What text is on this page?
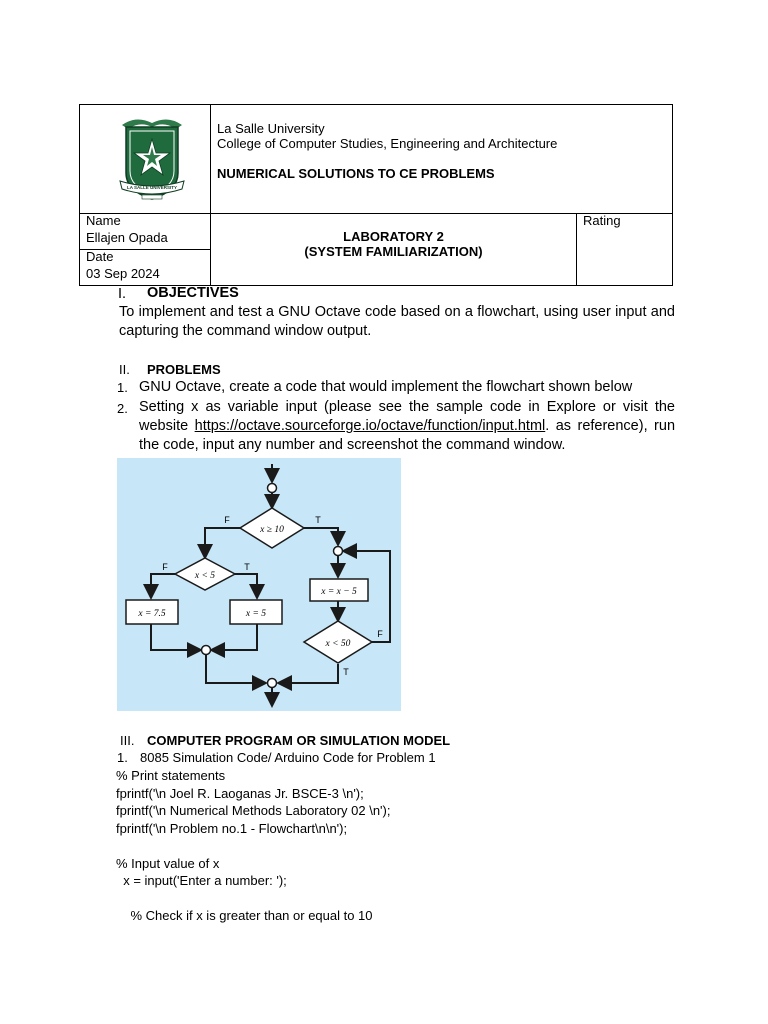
LA SALLE UNIVERSITY
La Salle University
College of Computer Studies, Engineering and Architecture
NUMERICAL SOLUTIONS TO CE PROBLEMS
Name
Ellajen Opada
Date
03 Sep 2024
LABORATORY 2
(SYSTEM FAMILIARIZATION)
Rating
I. OBJECTIVES
To implement and test a GNU Octave code based on a flowchart, using user input and capturing the command window output.
II. PROBLEMS
1. GNU Octave, create a code that would implement the flowchart shown below
2. Setting x as variable input (please see the sample code in Explore or visit the website https://octave.sourceforge.io/octave/function/input.html. as reference), run the code, input any number and screenshot the command window.
x ≥ 10
x < 5
x < 50
x = 7.5	x = 5
x = x − 5
F	T
F	T
F
T
III. COMPUTER PROGRAM OR SIMULATION MODEL
1. 8085 Simulation Code/ Arduino Code for Problem 1
% Print statements
fprintf('\n Joel R. Laoganas Jr. BSCE-3 \n');
fprintf('\n Numerical Methods Laboratory 02 \n');
fprintf('\n Problem no.1 - Flowchart\n\n');

% Input value of x
x = input('Enter a number: ');

% Check if x is greater than or equal to 10
